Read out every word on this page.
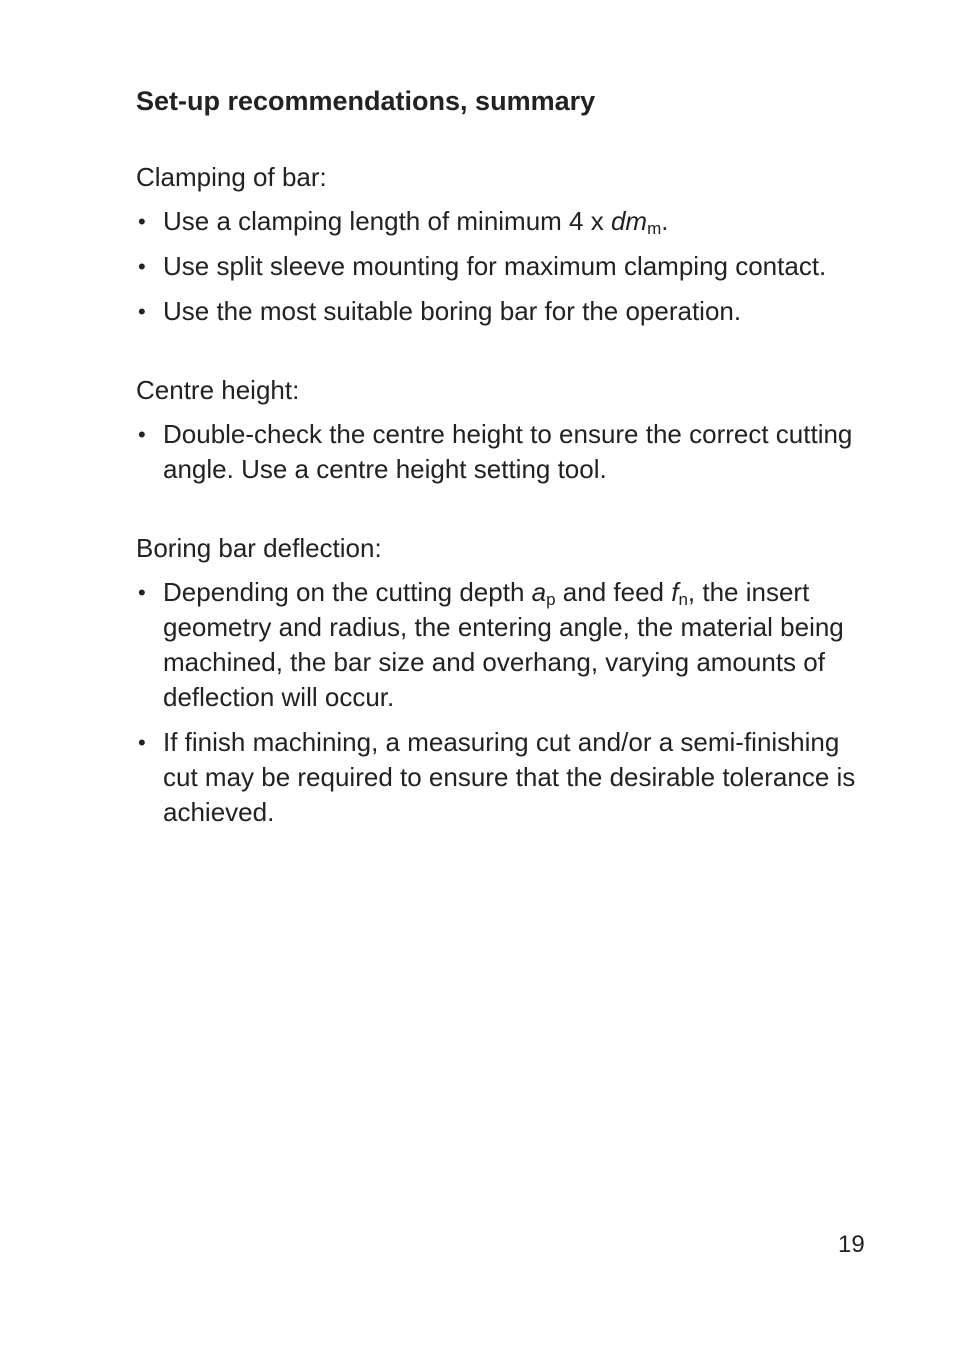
Set-up recommendations, summary
Clamping of bar:
• Use a clamping length of minimum 4 x $dm_m$.
• Use split sleeve mounting for maximum clamping contact.
• Use the most suitable boring bar for the operation.
Centre height:
• Double-check the centre height to ensure the correct cutting angle. Use a centre height setting tool.
Boring bar deflection:
• Depending on the cutting depth $a_p$ and feed $f_n$, the insert geometry and radius, the entering angle, the material being machined, the bar size and overhang, varying amounts of deflection will occur.
• If finish machining, a measuring cut and/or a semi-finishing cut may be required to ensure that the desirable tolerance is achieved.
19
